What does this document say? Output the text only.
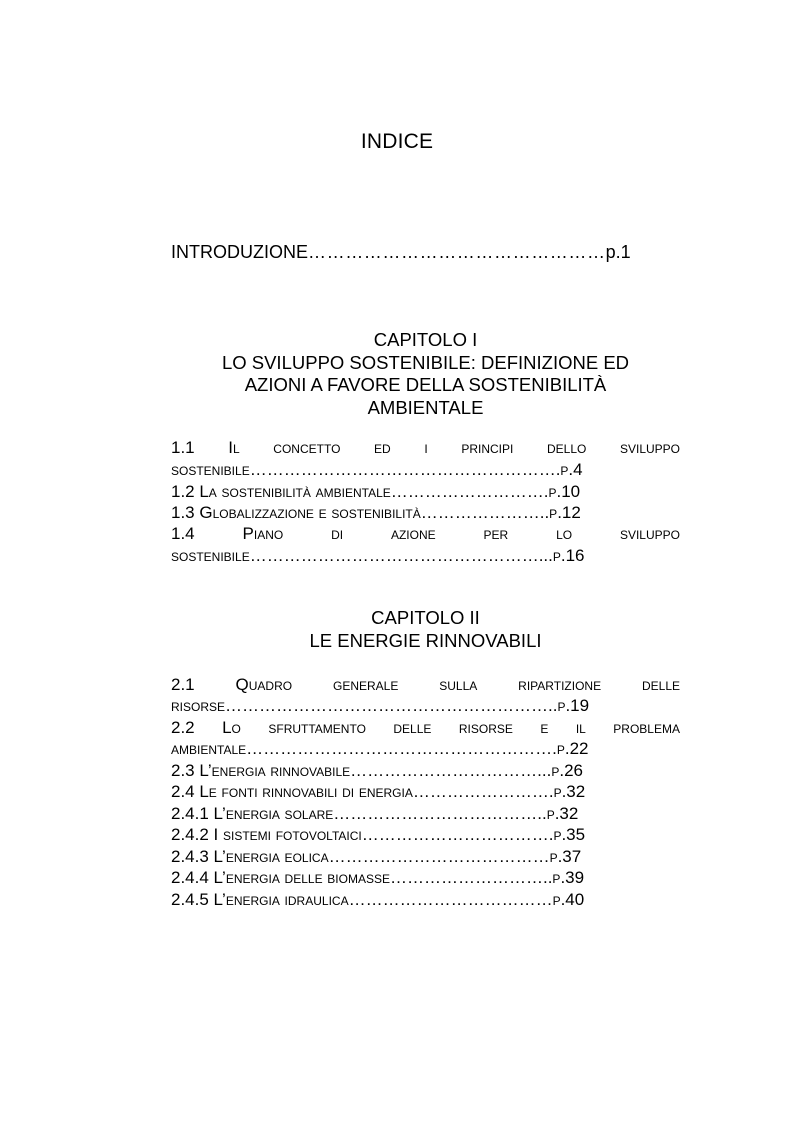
INDICE
INTRODUZIONE…………………………………………p.1
CAPITOLO I
LO SVILUPPO SOSTENIBILE: DEFINIZIONE ED
AZIONI A FAVORE DELLA SOSTENIBILITÀ
AMBIENTALE
1.1 Il concetto ed i principi dello sviluppo
sostenibile……………………………………………….p.4
1.2 La sostenibilità ambientale……………………….p.10
1.3 Globalizzazione e sostenibilità…………………..p.12
1.4 Piano di azione per lo sviluppo
sostenibile……………………………………………...p.16
CAPITOLO II
LE ENERGIE RINNOVABILI
2.1 Quadro generale sulla ripartizione delle
risorse…………………………………………………..p.19
2.2 Lo sfruttamento delle risorse e il problema
ambientale……………………………………………….p.22
2.3 L’energia rinnovabile……………………………...p.26
2.4 Le fonti rinnovabili di energia…………………….p.32
2.4.1 L’energia solare………………………………..p.32
2.4.2 I sistemi fotovoltaici…………………………….p.35
2.4.3 L’energia eolica…………………………………p.37
2.4.4 L’energia delle biomasse………………………..p.39
2.4.5 L’energia idraulica………………………………p.40
